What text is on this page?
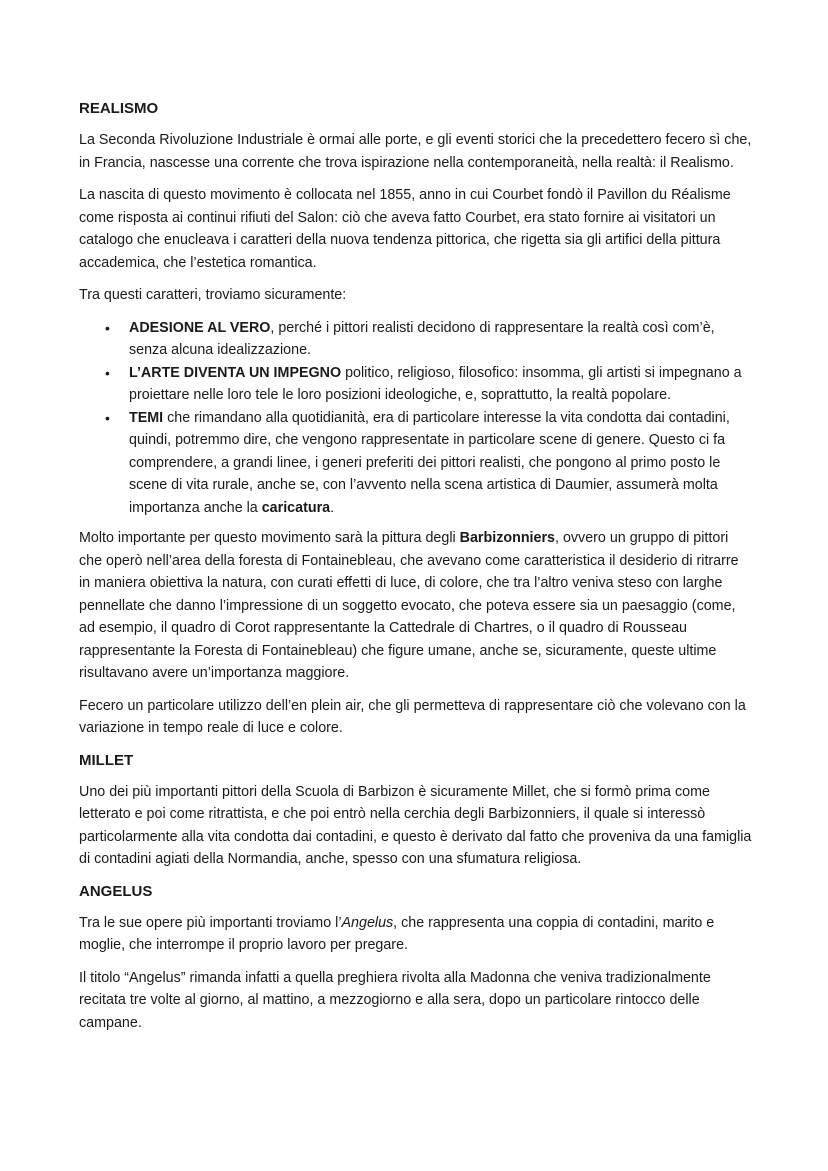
REALISMO

La Seconda Rivoluzione Industriale è ormai alle porte, e gli eventi storici che la precedettero fecero sì che, in Francia, nascesse una corrente che trova ispirazione nella contemporaneità, nella realtà: il Realismo.

La nascita di questo movimento è collocata nel 1855, anno in cui Courbet fondò il Pavillon du Réalisme come risposta ai continui rifiuti del Salon: ciò che aveva fatto Courbet, era stato fornire ai visitatori un catalogo che enucleava i caratteri della nuova tendenza pittorica, che rigetta sia gli artifici della pittura accademica, che l’estetica romantica.

Tra questi caratteri, troviamo sicuramente:

• ADESIONE AL VERO, perché i pittori realisti decidono di rappresentare la realtà così com’è, senza alcuna idealizzazione.
• L’ARTE DIVENTA UN IMPEGNO politico, religioso, filosofico: insomma, gli artisti si impegnano a proiettare nelle loro tele le loro posizioni ideologiche, e, soprattutto, la realtà popolare.
• TEMI che rimandano alla quotidianità, era di particolare interesse la vita condotta dai contadini, quindi, potremmo dire, che vengono rappresentate in particolare scene di genere. Questo ci fa comprendere, a grandi linee, i generi preferiti dei pittori realisti, che pongono al primo posto le scene di vita rurale, anche se, con l’avvento nella scena artistica di Daumier, assumerà molta importanza anche la caricatura.

Molto importante per questo movimento sarà la pittura degli Barbizonniers, ovvero un gruppo di pittori che operò nell’area della foresta di Fontainebleau, che avevano come caratteristica il desiderio di ritrarre in maniera obiettiva la natura, con curati effetti di luce, di colore, che tra l’altro veniva steso con larghe pennellate che danno l’impressione di un soggetto evocato, che poteva essere sia un paesaggio (come, ad esempio, il quadro di Corot rappresentante la Cattedrale di Chartres, o il quadro di Rousseau rappresentante la Foresta di Fontainebleau) che figure umane, anche se, sicuramente, queste ultime risultavano avere un’importanza maggiore.

Fecero un particolare utilizzo dell’en plein air, che gli permetteva di rappresentare ciò che volevano con la variazione in tempo reale di luce e colore.

MILLET

Uno dei più importanti pittori della Scuola di Barbizon è sicuramente Millet, che si formò prima come letterato e poi come ritrattista, e che poi entrò nella cerchia degli Barbizonniers, il quale si interessò particolarmente alla vita condotta dai contadini, e questo è derivato dal fatto che proveniva da una famiglia di contadini agiati della Normandia, anche, spesso con una sfumatura religiosa.

ANGELUS

Tra le sue opere più importanti troviamo l’Angelus, che rappresenta una coppia di contadini, marito e moglie, che interrompe il proprio lavoro per pregare.

Il titolo “Angelus” rimanda infatti a quella preghiera rivolta alla Madonna che veniva tradizionalmente recitata tre volte al giorno, al mattino, a mezzogiorno e alla sera, dopo un particolare rintocco delle campane.
